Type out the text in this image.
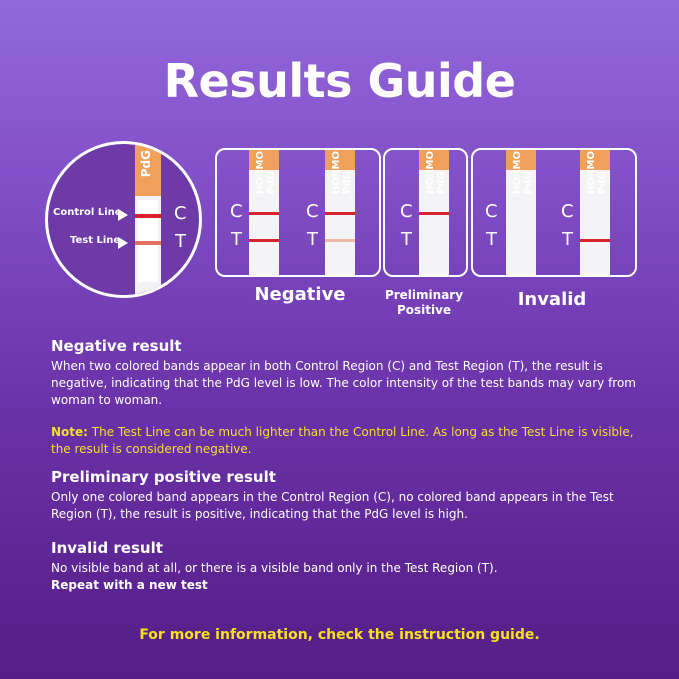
Results Guide
PdG
Control Line
Test Line
C
T
C
T
HORMO PdG
C
T
HORMO PdG
C
T
HORMO PdG
C
T
HORMO PdG
C
T
HORMO PdG
Negative	Preliminary Positive	Invalid
Negative result
When two colored bands appear in both Control Region (C) and Test Region (T), the result is negative, indicating that the PdG level is low. The color intensity of the test bands may vary from woman to woman.
Note: The Test Line can be much lighter than the Control Line. As long as the Test Line is visible, the result is considered negative.
Preliminary positive result
Only one colored band appears in the Control Region (C), no colored band appears in the Test Region (T), the result is positive, indicating that the PdG level is high.
Invalid result
No visible band at all, or there is a visible band only in the Test Region (T).
Repeat with a new test
For more information, check the instruction guide.
